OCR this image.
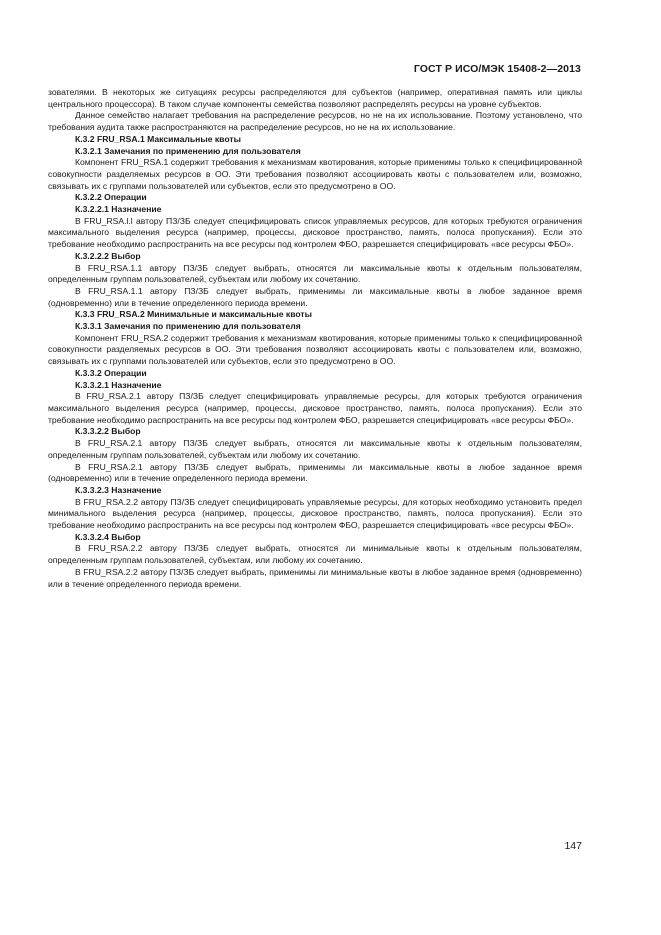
ГОСТ Р ИСО/МЭК 15408-2—2013

зователями. В некоторых же ситуациях ресурсы распределяются для субъектов (например, оперативная память или циклы центрального процессора). В таком случае компоненты семейства позволяют распределять ресурсы на уровне субъектов.

Данное семейство налагает требования на распределение ресурсов, но не на их использование. Поэтому установлено, что требования аудита также распространяются на распределение ресурсов, но не на их использование.

К.3.2 FRU_RSA.1 Максимальные квоты
К.3.2.1 Замечания по применению для пользователя

Компонент FRU_RSA.1 содержит требования к механизмам квотирования, которые применимы только к специфицированной совокупности разделяемых ресурсов в ОО. Эти требования позволяют ассоциировать квоты с пользователем или, возможно, связывать их с группами пользователей или субъектов, если это предусмотрено в ОО.

К.3.2.2 Операции
К.3.2.2.1 Назначение

В FRU_RSA.l.l автору ПЗ/ЗБ следует специфицировать список управляемых ресурсов, для которых требуются ограничения максимального выделения ресурса (например, процессы, дисковое пространство, память, полоса пропускания). Если это требование необходимо распространить на все ресурсы под контролем ФБО, разрешается специфицировать «все ресурсы ФБО».

К.3.2.2.2 Выбор

В FRU_RSA.1.1 автору ПЗ/ЗБ следует выбрать, относятся ли максимальные квоты к отдельным пользователям, определенным группам пользователей, субъектам или любому их сочетанию.

В FRU_RSA.1.1 автору ПЗ/ЗБ следует выбрать, применимы ли максимальные квоты в любое заданное время (одновременно) или в течение определенного периода времени.

К.3.3 FRU_RSA.2 Минимальные и максимальные квоты
К.3.3.1 Замечания по применению для пользователя

Компонент FRU_RSA.2 содержит требования к механизмам квотирования, которые применимы только к специфицированной совокупности разделяемых ресурсов в ОО. Эти требования позволяют ассоциировать квоты с пользователем или, возможно, связывать их с группами пользователей или субъектов, если это предусмотрено в ОО.

К.3.3.2 Операции
К.3.3.2.1 Назначение

В FRU_RSA.2.1 автору ПЗ/ЗБ следует специфицировать управляемые ресурсы, для которых требуются ограничения максимального выделения ресурса (например, процессы, дисковое пространство, память, полоса пропускания). Если это требование необходимо распространить на все ресурсы под контролем ФБО, разрешается специфицировать «все ресурсы ФБО».

К.3.3.2.2 Выбор

В FRU_RSA.2.1 автору ПЗ/ЗБ следует выбрать, относятся ли максимальные квоты к отдельным пользователям, определенным группам пользователей, субъектам или любому их сочетанию.

В FRU_RSA.2.1 автору ПЗ/ЗБ следует выбрать, применимы ли максимальные квоты в любое заданное время (одновременно) или в течение определенного периода времени.

К.3.3.2.3 Назначение

В FRU_RSA.2.2 автору ПЗ/ЗБ следует специфицировать управляемые ресурсы, для которых необходимо установить предел минимального выделения ресурса (например, процессы, дисковое пространство, память, полоса пропускания). Если это требование необходимо распространить на все ресурсы под контролем ФБО, разрешается специфицировать «все ресурсы ФБО».

К.3.3.2.4 Выбор

В FRU_RSA.2.2 автору ПЗ/ЗБ следует выбрать, относятся ли минимальные квоты к отдельным пользователям, определенным группам пользователей, субъектам, или любому их сочетанию.

В FRU_RSA.2.2 автору ПЗ/ЗБ следует выбрать, применимы ли минимальные квоты в любое заданное время (одновременно) или в течение определенного периода времени.

147
